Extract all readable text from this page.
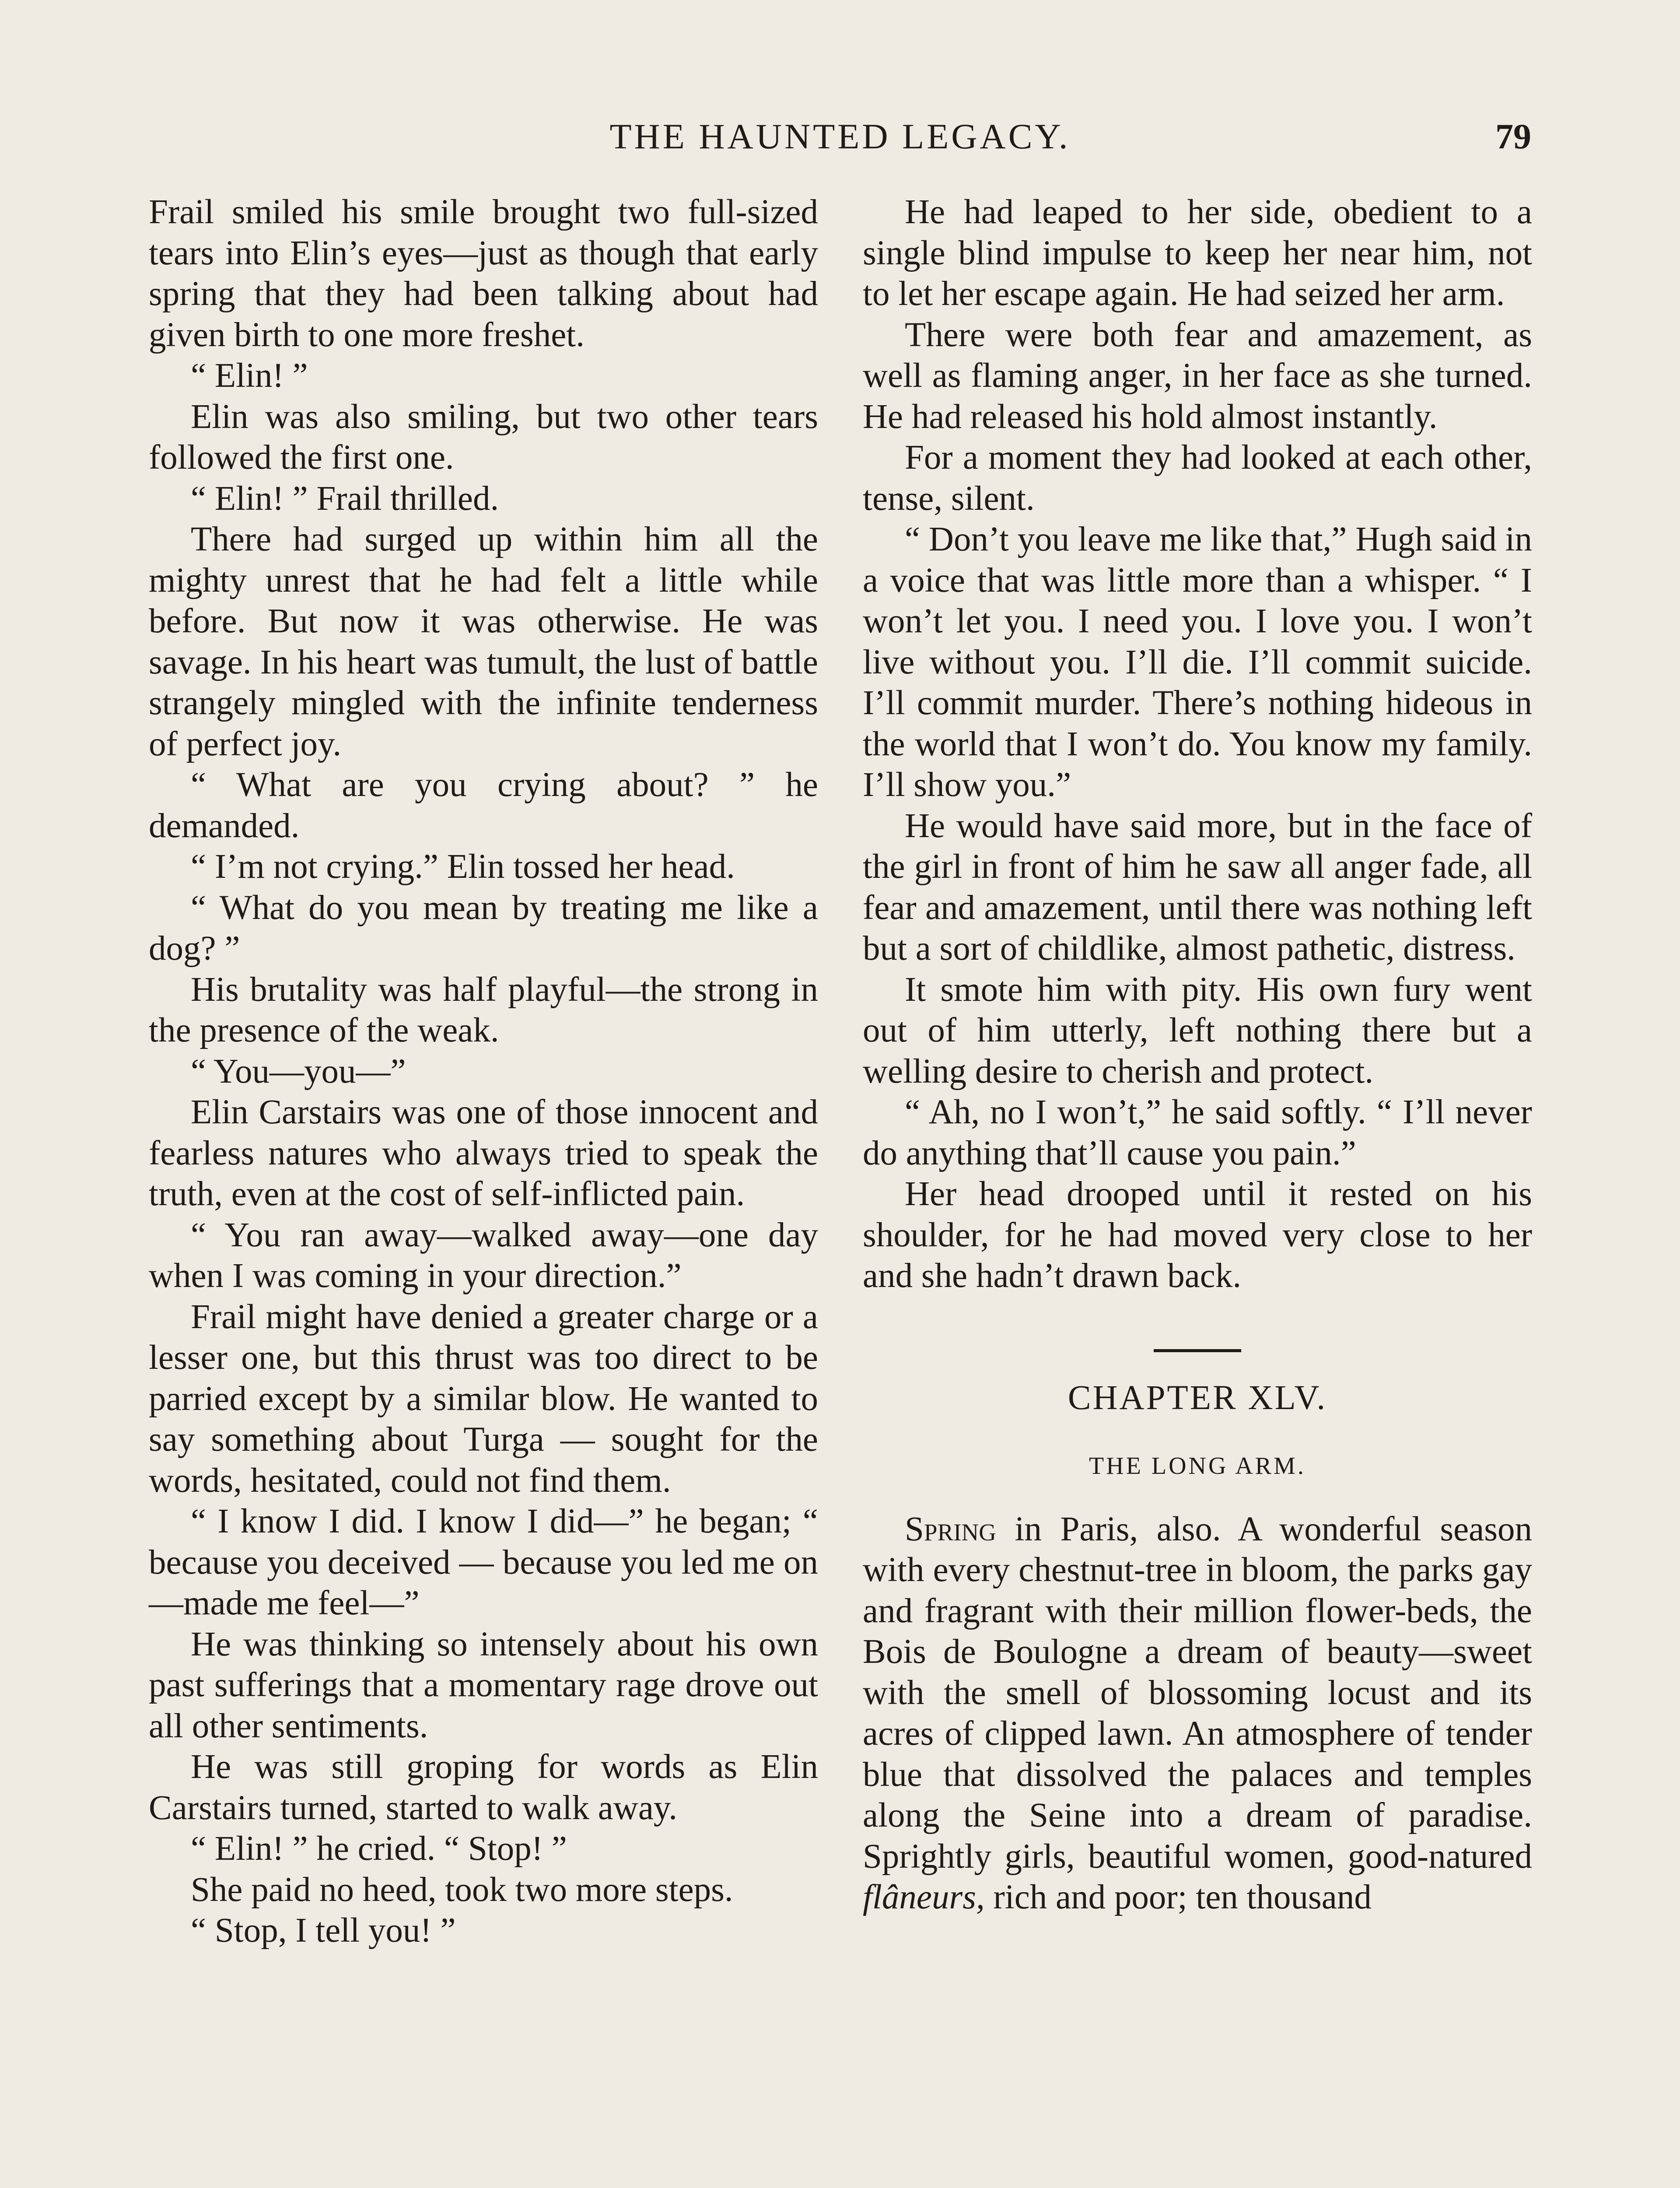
THE HAUNTED LEGACY.	79

Frail smiled his smile brought two full-sized tears into Elin’s eyes—just as though that early spring that they had been talking about had given birth to one more freshet.

“ Elin! ”

Elin was also smiling, but two other tears followed the first one.

“ Elin! ” Frail thrilled.

There had surged up within him all the mighty unrest that he had felt a little while before. But now it was otherwise. He was savage. In his heart was tumult, the lust of battle strangely mingled with the infinite tenderness of perfect joy.

“ What are you crying about? ” he demanded.

“ I’m not crying.” Elin tossed her head.

“ What do you mean by treating me like a dog? ”

His brutality was half playful—the strong in the presence of the weak.

“ You—you—”

Elin Carstairs was one of those innocent and fearless natures who always tried to speak the truth, even at the cost of self-inflicted pain.

“ You ran away—walked away—one day when I was coming in your direction.”

Frail might have denied a greater charge or a lesser one, but this thrust was too direct to be parried except by a similar blow. He wanted to say something about Turga — sought for the words, hesitated, could not find them.

“ I know I did. I know I did—” he began; “ because you deceived — because you led me on—made me feel—”

He was thinking so intensely about his own past sufferings that a momentary rage drove out all other sentiments.

He was still groping for words as Elin Carstairs turned, started to walk away.

“ Elin! ” he cried. “ Stop! ”

She paid no heed, took two more steps.

“ Stop, I tell you! ”

He had leaped to her side, obedient to a single blind impulse to keep her near him, not to let her escape again. He had seized her arm.

There were both fear and amazement, as well as flaming anger, in her face as she turned. He had released his hold almost instantly.

For a moment they had looked at each other, tense, silent.

“ Don’t you leave me like that,” Hugh said in a voice that was little more than a whisper. “ I won’t let you. I need you. I love you. I won’t live without you. I’ll die. I’ll commit suicide. I’ll commit murder. There’s nothing hideous in the world that I won’t do. You know my family. I’ll show you.”

He would have said more, but in the face of the girl in front of him he saw all anger fade, all fear and amazement, until there was nothing left but a sort of childlike, almost pathetic, distress.

It smote him with pity. His own fury went out of him utterly, left nothing there but a welling desire to cherish and protect.

“ Ah, no I won’t,” he said softly. “ I’ll never do anything that’ll cause you pain.”

Her head drooped until it rested on his shoulder, for he had moved very close to her and she hadn’t drawn back.

CHAPTER XLV.

THE LONG ARM.

Spring in Paris, also. A wonderful season with every chestnut-tree in bloom, the parks gay and fragrant with their million flower-beds, the Bois de Boulogne a dream of beauty—sweet with the smell of blossoming locust and its acres of clipped lawn. An atmosphere of tender blue that dissolved the palaces and temples along the Seine into a dream of paradise. Sprightly girls, beautiful women, good-natured flâneurs, rich and poor; ten thousand
